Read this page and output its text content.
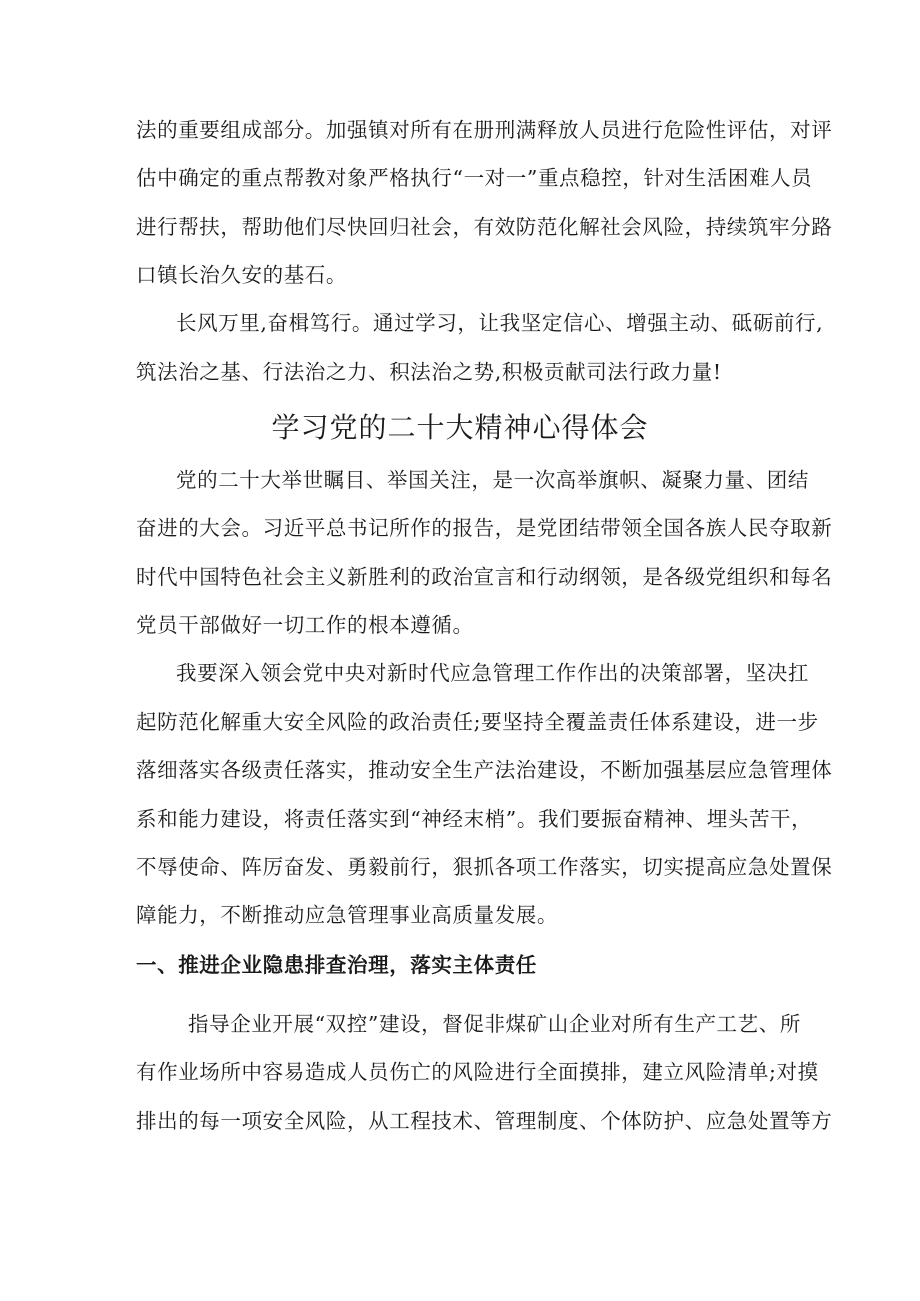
法的重要组成部分。加强镇对所有在册刑满释放人员进行危险性评估，对评
估中确定的重点帮教对象严格执行“一对一”重点稳控，针对生活困难人员
进行帮扶，帮助他们尽快回归社会，有效防范化解社会风险，持续筑牢分路
口镇长治久安的基石。
长风万里,奋楫笃行。通过学习，让我坚定信心、增强主动、砥砺前行,
筑法治之基、行法治之力、积法治之势,积极贡献司法行政力量!
学习党的二十大精神心得体会
党的二十大举世瞩目、举国关注，是一次高举旗帜、凝聚力量、团结
奋进的大会。习近平总书记所作的报告，是党团结带领全国各族人民夺取新
时代中国特色社会主义新胜利的政治宣言和行动纲领，是各级党组织和每名
党员干部做好一切工作的根本遵循。
我要深入领会党中央对新时代应急管理工作作出的决策部署，坚决扛
起防范化解重大安全风险的政治责任;要坚持全覆盖责任体系建设，进一步
落细落实各级责任落实，推动安全生产法治建设，不断加强基层应急管理体
系和能力建设，将责任落实到“神经末梢”。我们要振奋精神、埋头苦干，
不辱使命、阵厉奋发、勇毅前行，狠抓各项工作落实，切实提高应急处置保
障能力，不断推动应急管理事业高质量发展。
一、推进企业隐患排查治理，落实主体责任
指导企业开展“双控”建设，督促非煤矿山企业对所有生产工艺、所
有作业场所中容易造成人员伤亡的风险进行全面摸排，建立风险清单;对摸
排出的每一项安全风险，从工程技术、管理制度、个体防护、应急处置等方
